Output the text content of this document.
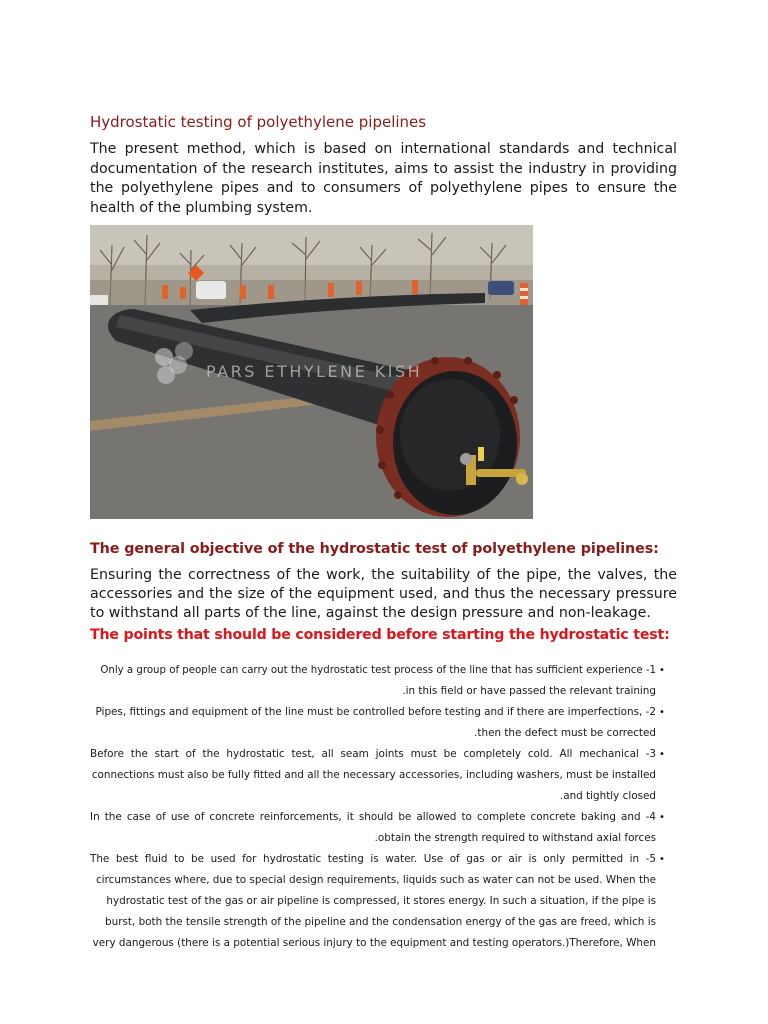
Hydrostatic testing of polyethylene pipelines

The present method, which is based on international standards and technical documentation of the research institutes, aims to assist the industry in providing the polyethylene pipes and to consumers of polyethylene pipes to ensure the health of the plumbing system.

PARS ETHYLENE KISH
The general objective of the hydrostatic test of polyethylene pipelines:

Ensuring the correctness of the work, the suitability of the pipe, the valves, the accessories and the size of the equipment used, and thus the necessary pressure to withstand all parts of the line, against the design pressure and non-leakage.

The points that should be considered before starting the hydrostatic test:
•
Only a group of people can carry out the hydrostatic test process of the line that has sufficient experience -1
.in this field or have passed the relevant training
•
Pipes, fittings and equipment of the line must be controlled before testing and if there are imperfections, -2
.then the defect must be corrected
•
Before the start of the hydrostatic test, all seam joints must be completely cold. All mechanical -3
connections must also be fully fitted and all the necessary accessories, including washers, must be installed
.and tightly closed
•
In the case of use of concrete reinforcements, it should be allowed to complete concrete baking and -4
.obtain the strength required to withstand axial forces
•
The best fluid to be used for hydrostatic testing is water. Use of gas or air is only permitted in -5
circumstances where, due to special design requirements, liquids such as water can not be used. When the
hydrostatic test of the gas or air pipeline is compressed, it stores energy. In such a situation, if the pipe is
burst, both the tensile strength of the pipeline and the condensation energy of the gas are freed, which is
very dangerous (there is a potential serious injury to the equipment and testing operators.)Therefore, When
